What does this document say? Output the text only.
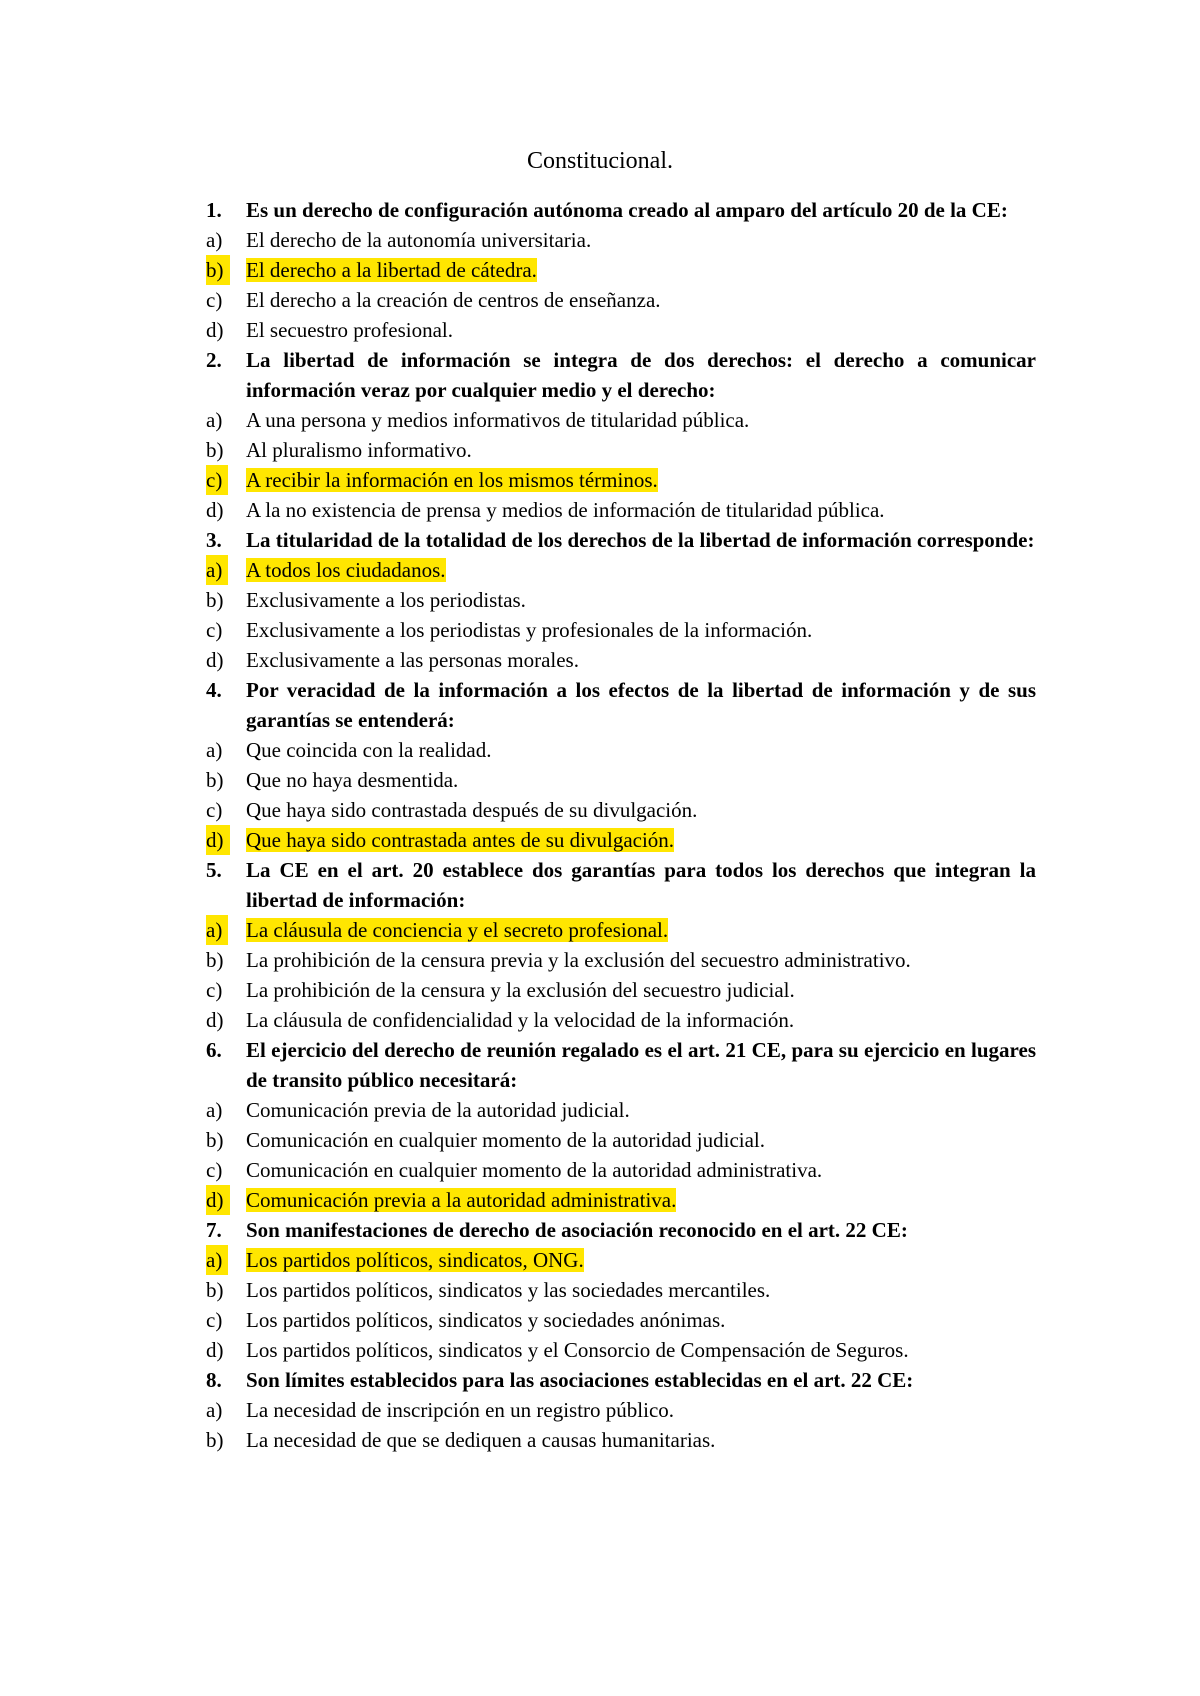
Constitucional.
1.	Es un derecho de configuración autónoma creado al amparo del artículo 20 de la CE:
a) El derecho de la autonomía universitaria.
b) El derecho a la libertad de cátedra.
c) El derecho a la creación de centros de enseñanza.
d) El secuestro profesional.
2.	La libertad de información se integra de dos derechos: el derecho a comunicar información veraz por cualquier medio y el derecho:
a) A una persona y medios informativos de titularidad pública.
b) Al pluralismo informativo.
c) A recibir la información en los mismos términos.
d) A la no existencia de prensa y medios de información de titularidad pública.
3.	La titularidad de la totalidad de los derechos de la libertad de información corresponde:
a) A todos los ciudadanos.
b) Exclusivamente a los periodistas.
c) Exclusivamente a los periodistas y profesionales de la información.
d) Exclusivamente a las personas morales.
4.	Por veracidad de la información a los efectos de la libertad de información y de sus garantías se entenderá:
a) Que coincida con la realidad.
b) Que no haya desmentida.
c) Que haya sido contrastada después de su divulgación.
d) Que haya sido contrastada antes de su divulgación.
5.	La CE en el art. 20 establece dos garantías para todos los derechos que integran la libertad de información:
a) La cláusula de conciencia y el secreto profesional.
b) La prohibición de la censura previa y la exclusión del secuestro administrativo.
c) La prohibición de la censura y la exclusión del secuestro judicial.
d) La cláusula de confidencialidad y la velocidad de la información.
6.	El ejercicio del derecho de reunión regalado es el art. 21 CE, para su ejercicio en lugares de transito público necesitará:
a) Comunicación previa de la autoridad judicial.
b) Comunicación en cualquier momento de la autoridad judicial.
c) Comunicación en cualquier momento de la autoridad administrativa.
d) Comunicación previa a la autoridad administrativa.
7.	Son manifestaciones de derecho de asociación reconocido en el art. 22 CE:
a) Los partidos políticos, sindicatos, ONG.
b) Los partidos políticos, sindicatos y las sociedades mercantiles.
c) Los partidos políticos, sindicatos y sociedades anónimas.
d) Los partidos políticos, sindicatos y el Consorcio de Compensación de Seguros.
8.	Son límites establecidos para las asociaciones establecidas en el art. 22 CE:
a) La necesidad de inscripción en un registro público.
b) La necesidad de que se dediquen a causas humanitarias.
